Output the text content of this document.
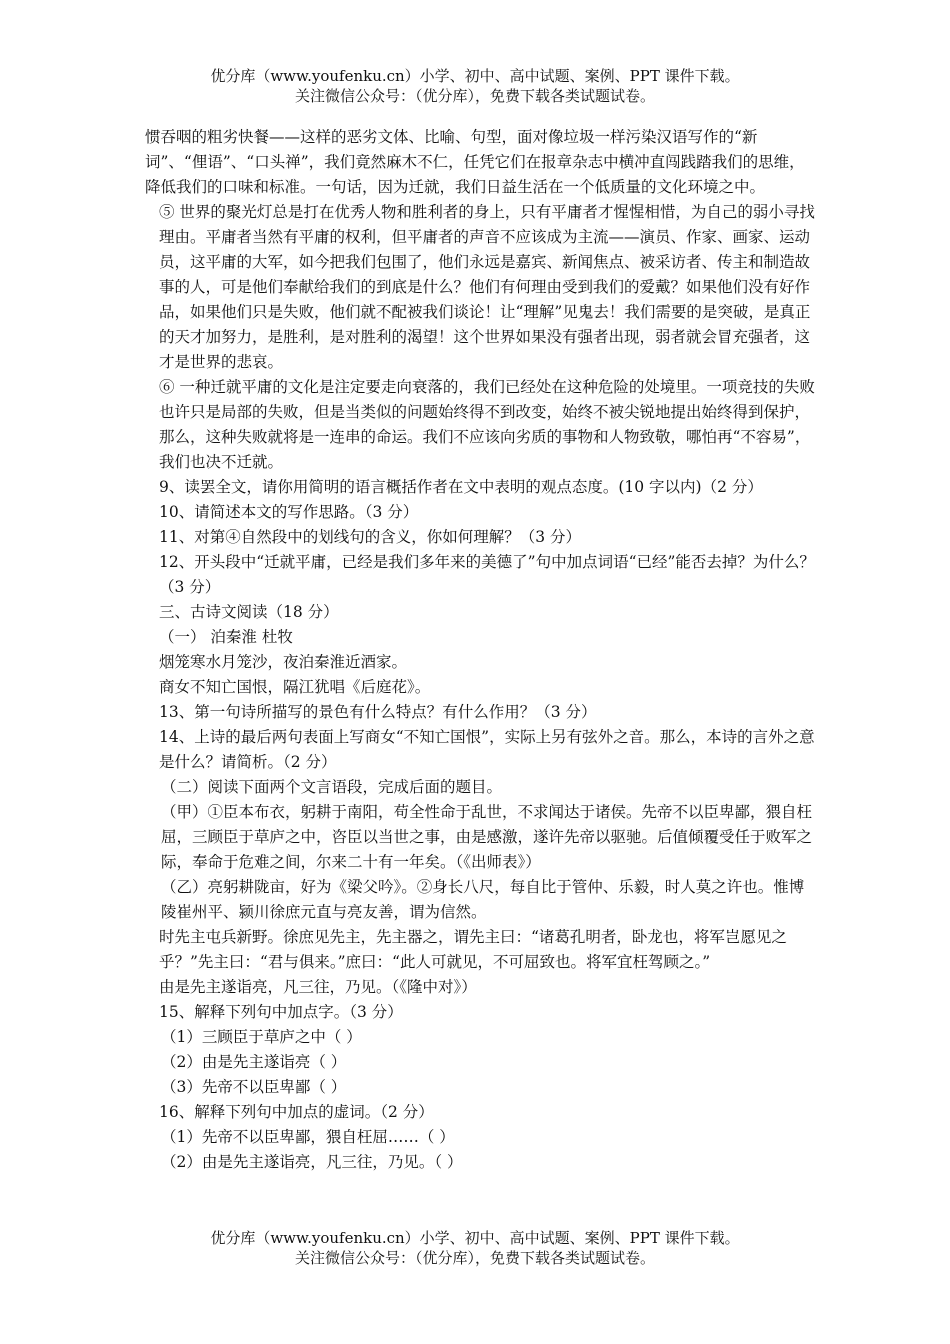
优分库（www.youfenku.cn）小学、初中、高中试题、案例、PPT 课件下载。
关注微信公众号：（优分库），免费下载各类试题试卷。

惯吞咽的粗劣快餐——这样的恶劣文体、比喻、句型，面对像垃圾一样污染汉语写作的“新词”、“俚语”、“口头禅”，我们竟然麻木不仁，任凭它们在报章杂志中横冲直闯践踏我们的思维，降低我们的口味和标准。一句话，因为迁就，我们日益生活在一个低质量的文化环境之中。

⑤ 世界的聚光灯总是打在优秀人物和胜利者的身上，只有平庸者才惺惺相惜，为自己的弱小寻找理由。平庸者当然有平庸的权利，但平庸者的声音不应该成为主流——演员、作家、画家、运动员，这平庸的大军，如今把我们包围了，他们永远是嘉宾、新闻焦点、被采访者、传主和制造故事的人，可是他们奉献给我们的到底是什么？他们有何理由受到我们的爱戴？如果他们没有好作品，如果他们只是失败，他们就不配被我们谈论！让“理解”见鬼去！我们需要的是突破，是真正的天才加努力，是胜利，是对胜利的渴望！这个世界如果没有强者出现，弱者就会冒充强者，这才是世界的悲哀。

⑥ 一种迁就平庸的文化是注定要走向衰落的，我们已经处在这种危险的处境里。一项竞技的失败也许只是局部的失败，但是当类似的问题始终得不到改变，始终不被尖锐地提出始终得到保护，那么，这种失败就将是一连串的命运。我们不应该向劣质的事物和人物致敬，哪怕再“不容易”，我们也决不迁就。

9、读罢全文，请你用简明的语言概括作者在文中表明的观点态度。(10 字以内)（2 分）

10、请简述本文的写作思路。（3 分）

11、对第④自然段中的划线句的含义，你如何理解？（3 分）

12、开头段中“迁就平庸，已经是我们多年来的美德了”句中加点词语“已经”能否去掉？为什么？（3 分）

三、古诗文阅读（18 分）

（一） 泊秦淮 杜牧

烟笼寒水月笼沙，夜泊秦淮近酒家。

商女不知亡国恨，隔江犹唱《后庭花》。

13、第一句诗所描写的景色有什么特点？有什么作用？（3 分）

14、上诗的最后两句表面上写商女“不知亡国恨”，实际上另有弦外之音。那么，本诗的言外之意是什么？请简析。（2 分）

（二）阅读下面两个文言语段，完成后面的题目。

（甲）①臣本布衣，躬耕于南阳，苟全性命于乱世，不求闻达于诸侯。先帝不以臣卑鄙，猥自枉屈，三顾臣于草庐之中，咨臣以当世之事，由是感激，遂许先帝以驱驰。后值倾覆受任于败军之际，奉命于危难之间，尔来二十有一年矣。（《出师表》）

（乙）亮躬耕陇亩，好为《梁父吟》。②身长八尺，每自比于管仲、乐毅，时人莫之许也。惟博陵崔州平、颍川徐庶元直与亮友善，谓为信然。

时先主屯兵新野。徐庶见先主，先主器之，谓先主曰：“诸葛孔明者，卧龙也，将军岂愿见之乎？”先主曰：“君与俱来。”庶曰：“此人可就见，不可屈致也。将军宜枉驾顾之。”

由是先主遂诣亮，凡三往，乃见。（《隆中对》）

15、解释下列句中加点字。（3 分）

（1）三顾臣于草庐之中（ ）

（2）由是先主遂诣亮（ ）

（3）先帝不以臣卑鄙（ ）

16、解释下列句中加点的虚词。（2 分）

（1）先帝不以臣卑鄙，猥自枉屈……（ ）

（2）由是先主遂诣亮，凡三往，乃见。（ ）

优分库（www.youfenku.cn）小学、初中、高中试题、案例、PPT 课件下载。
关注微信公众号：（优分库），免费下载各类试题试卷。
